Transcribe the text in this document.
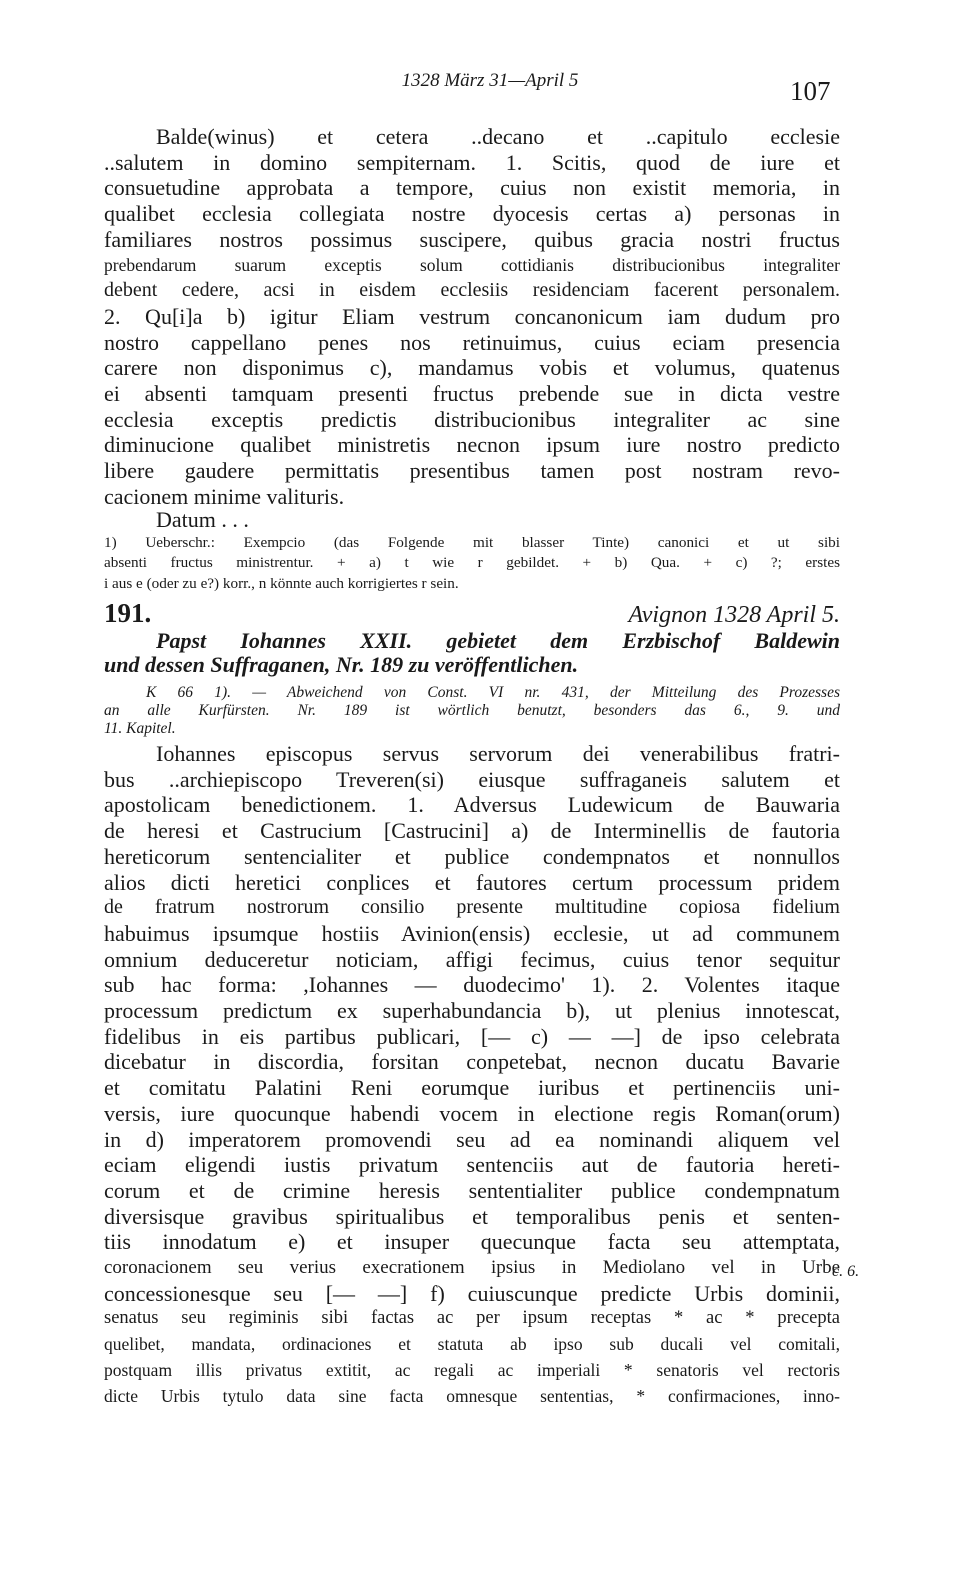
1328 März 31—April 5	107
Balde(winus) et cetera ..decano et ..capitulo ecclesie
..salutem in domino sempiternam. 1. Scitis, quod de iure et
consuetudine approbata a tempore, cuius non existit memoria, in
qualibet ecclesia collegiata nostre dyocesis certas a) personas in
familiares nostros possimus suscipere, quibus gracia nostri fructus
prebendarum suarum exceptis solum cottidianis distribucionibus integraliter
debent cedere, acsi in eisdem ecclesiis residenciam facerent personalem.
2. Qu[i]a b) igitur Eliam vestrum concanonicum iam dudum pro
nostro cappellano penes nos retinuimus, cuius eciam presencia
carere non disponimus c), mandamus vobis et volumus, quatenus
ei absenti tamquam presenti fructus prebende sue in dicta vestre
ecclesia exceptis predictis distribucionibus integraliter ac sine
diminucione qualibet ministretis necnon ipsum iure nostro predicto
libere gaudere permittatis presentibus tamen post nostram revo-
cacionem minime valituris.
Datum . . .
1) Ueberschr.: Exempcio (das Folgende mit blasser Tinte) canonici et ut sibi
absenti fructus ministrentur. + a) t wie r gebildet. + b) Qua. + c) ?; erstes
i aus e (oder zu e?) korr., n könnte auch korrigiertes r sein.
191.	Avignon 1328 April 5.
Papst Iohannes XXII. gebietet dem Erzbischof Baldewin
und dessen Suffraganen, Nr. 189 zu veröffentlichen.
K 66 1). — Abweichend von Const. VI nr. 431, der Mitteilung des Prozesses
an alle Kurfürsten. Nr. 189 ist wörtlich benutzt, besonders das 6., 9. und
11. Kapitel.
Iohannes episcopus servus servorum dei venerabilibus fratri-
bus ..archiepiscopo Treveren(si) eiusque suffraganeis salutem et
apostolicam benedictionem. 1. Adversus Ludewicum de Bauwaria
de heresi et Castrucium [Castrucini] a) de Interminellis de fautoria
hereticorum sentencialiter et publice condempnatos et nonnullos
alios dicti heretici conplices et fautores certum processum pridem
de fratrum nostrorum consilio presente multitudine copiosa fidelium
habuimus ipsumque hostiis Avinion(ensis) ecclesie, ut ad communem
omnium deduceretur noticiam, affigi fecimus, cuius tenor sequitur
sub hac forma: ,Iohannes — duodecimo' 1). 2. Volentes itaque
processum predictum ex superhabundancia b), ut plenius innotescat,
fidelibus in eis partibus publicari, [— c) — —] de ipso celebrata
dicebatur in discordia, forsitan conpetebat, necnon ducatu Bavarie
et comitatu Palatini Reni eorumque iuribus et pertinenciis uni-
versis, iure quocunque habendi vocem in electione regis Roman(orum)
in d) imperatorem promovendi seu ad ea nominandi aliquem vel
eciam eligendi iustis privatum sentenciis aut de fautoria hereti-
corum et de crimine heresis sententialiter publice condempnatum
diversisque gravibus spiritualibus et temporalibus penis et senten-
tiis innodatum e) et insuper quecunque facta seu attemptata,
coronacionem seu verius execrationem ipsius in Mediolano vel in Urbe
concessionesque seu [— —] f) cuiuscunque predicte Urbis dominii,
senatus seu regiminis sibi factas ac per ipsum receptas * ac * precepta
quelibet, mandata, ordinaciones et statuta ab ipso sub ducali vel comitali,
postquam illis privatus extitit, ac regali ac imperiali * senatoris vel rectoris
dicte Urbis tytulo data sine facta omnesque sententias, * confirmaciones, inno-
c. 6.
